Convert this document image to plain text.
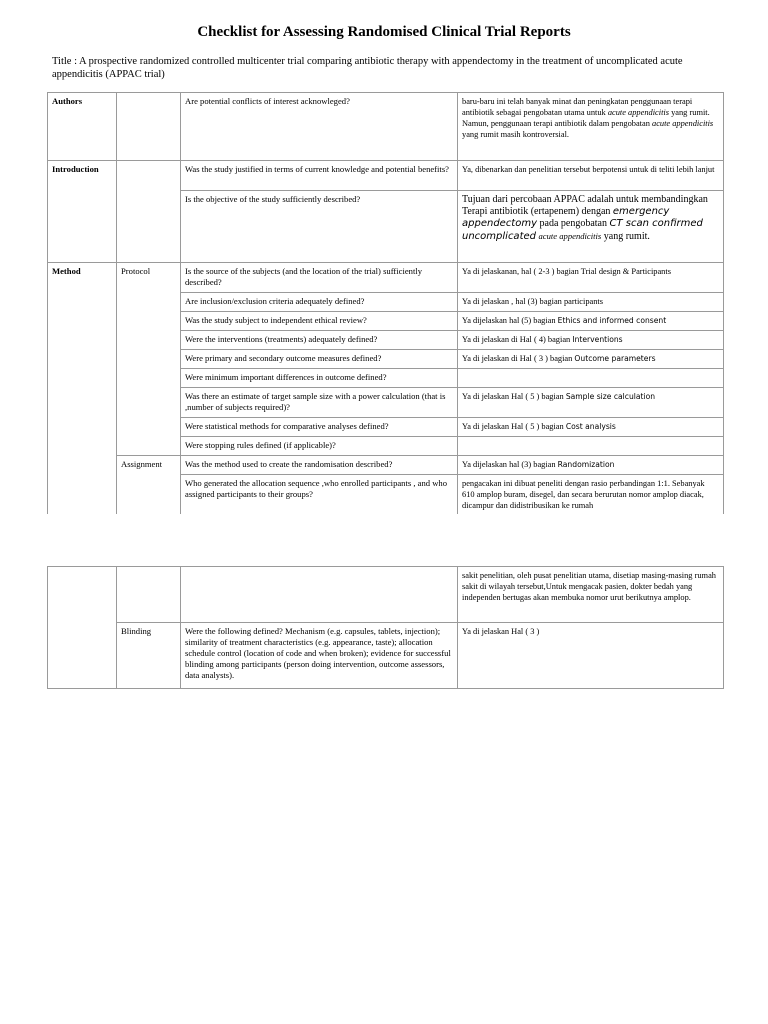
Checklist for Assessing Randomised Clinical Trial Reports
Title : A prospective randomized controlled multicenter trial comparing antibiotic therapy with appendectomy in the treatment of uncomplicated acute appendicitis (APPAC trial)
Authors		Are potential conflicts of interest acknowleged?	baru-baru ini telah banyak minat dan peningkatan penggunaan terapi antibiotik sebagai pengobatan utama untuk acute appendicitis yang rumit. Namun, penggunaan terapi antibiotik dalam pengobatan acute appendicitis yang rumit masih kontroversial.
Introduction		Was the study justified in terms of current knowledge and potential benefits?	Ya, dibenarkan dan penelitian tersebut berpotensi untuk di teliti lebih lanjut
		Is the objective of the study sufficiently described?	Tujuan dari percobaan APPAC adalah untuk membandingkan Terapi antibiotik (ertapenem) dengan emergency appendectomy pada pengobatan CT scan confirmed uncomplicated acute appendicitis yang rumit.
Method	Protocol	Is the source of the subjects (and the location of the trial) sufficiently described?	Ya di jelaskanan, hal ( 2-3 ) bagian Trial design & Participants
		Are inclusion/exclusion criteria adequately defined?	Ya di jelaskan , hal (3) bagian participants
		Was the study subject to independent ethical review?	Ya dijelaskan hal (5) bagian Ethics and informed consent
		Were the interventions (treatments) adequately defined?	Ya di jelaskan di Hal ( 4) bagian Interventions
		Were primary and secondary outcome measures defined?	Ya di jelaskan di Hal ( 3 ) bagian Outcome parameters
		Were minimum important differences in outcome defined?	
		Was there an estimate of target sample size with a power calculation (that is ,number of subjects required)?	Ya di jelaskan Hal ( 5 ) bagian Sample size calculation
		Were statistical methods for comparative analyses defined?	Ya di jelaskan Hal ( 5 ) bagian Cost analysis
		Were stopping rules defined (if applicable)?	
	Assignment	Was the method used to create the randomisation described?	Ya dijelaskan hal (3) bagian Randomization
		Who generated the allocation sequence ,who enrolled participants , and who assigned participants to their groups?	pengacakan ini dibuat peneliti dengan rasio perbandingan 1:1. Sebanyak 610 amplop buram, disegel, dan secara berurutan nomor amplop diacak, dicampur dan didistribusikan ke rumah
			sakit penelitian, oleh pusat penelitian utama, disetiap masing-masing rumah sakit di wilayah tersebut,Untuk mengacak pasien, dokter bedah yang independen bertugas akan membuka nomor urut berikutnya amplop.
	Blinding	Were the following defined? Mechanism (e.g. capsules, tablets, injection); similarity of treatment characteristics (e.g. appearance, taste); allocation schedule control (location of code and when broken); evidence for successful blinding among participants (person doing intervention, outcome assessors, data analysts).	Ya di jelaskan Hal ( 3 )
